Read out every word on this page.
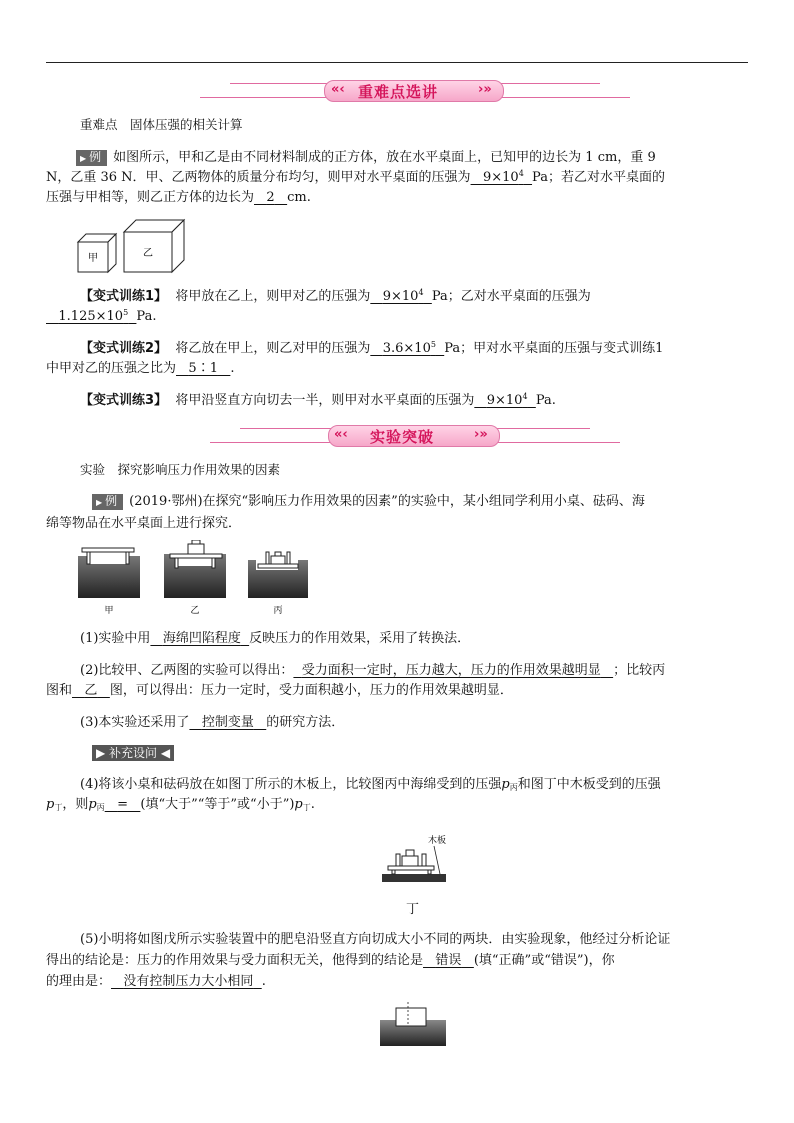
«‹ 重难点选讲	›»
重难点　固体压强的相关计算
▶ 例 如图所示，甲和乙是由不同材料制成的正方体，放在水平桌面上，已知甲的边长为 1 cm，重 9
N，乙重 36 N．甲、乙两物体的质量分布均匀，则甲对水平桌面的压强为 $9\times 10^4$ Pa；若乙对水平桌面的
压强与甲相等，则乙正方体的边长为 2 cm.
甲	乙
【变式训练1】 将甲放在乙上，则甲对乙的压强为 $9\times 10^4$ Pa；乙对水平桌面的压强为
$1.125\times 10^5$ Pa.
【变式训练2】 将乙放在甲上，则乙对甲的压强为 $3.6\times 10^5$ Pa；甲对水平桌面的压强与变式训练1
中甲对乙的压强之比为 5∶1 .
【变式训练3】 将甲沿竖直方向切去一半，则甲对水平桌面的压强为 $9\times 10^4$ Pa.
«‹ 实验突破	›»
实验　探究影响压力作用效果的因素
▶ 例 (2019·鄂州)在探究“影响压力作用效果的因素”的实验中，某小组同学利用小桌、砝码、海
绵等物品在水平桌面上进行探究．
甲	乙	丙
(1)实验中用 海绵凹陷程度 反映压力的作用效果，采用了转换法．
(2)比较甲、乙两图的实验可以得出： 受力面积一定时，压力越大，压力的作用效果越明显 ；比较丙
图和 乙 图，可以得出：压力一定时，受力面积越小，压力的作用效果越明显．
(3)本实验还采用了 控制变量 的研究方法．
▶ 补充设问 ◀
(4)将该小桌和砝码放在如图丁所示的木板上，比较图丙中海绵受到的压强$p_丙$和图丁中木板受到的压强
$p_丁$，则$p_丙$ = (填“大于”“等于”或“小于$”)p_丁$.
木板
丁
(5)小明将如图戊所示实验装置中的肥皂沿竖直方向切成大小不同的两块．由实验现象，他经过分析论证
得出的结论是：压力的作用效果与受力面积无关，他得到的结论是 错误 (填“正确”或“错误”)，你
的理由是： 没有控制压力大小相同 .
